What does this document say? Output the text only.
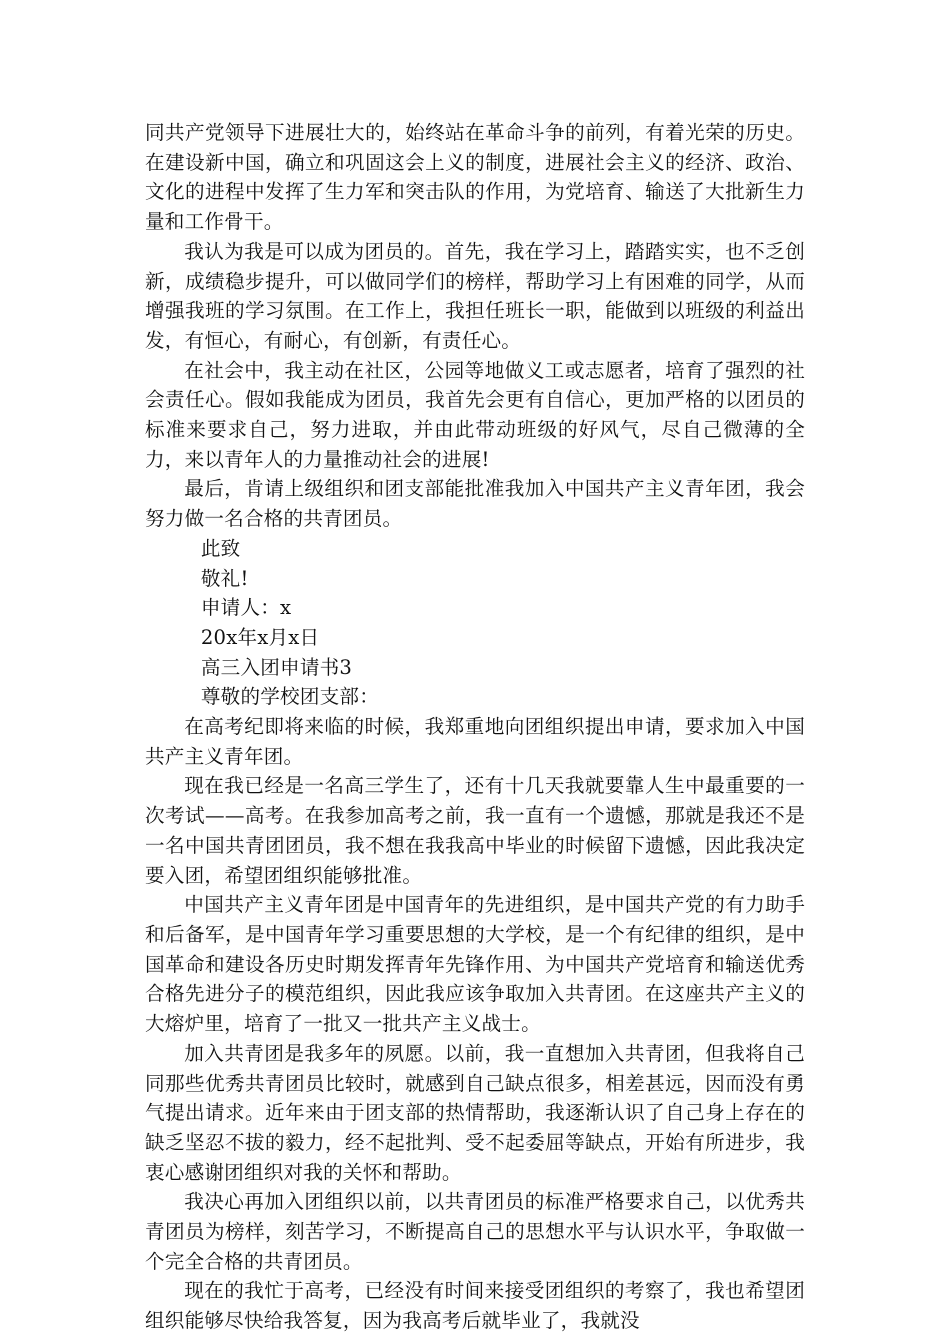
同共产党领导下进展壮大的，始终站在革命斗争的前列，有着光荣的历史。在建设新中国，确立和巩固这会上义的制度，进展社会主义的经济、政治、文化的进程中发挥了生力军和突击队的作用，为党培育、输送了大批新生力量和工作骨干。

我认为我是可以成为团员的。首先，我在学习上，踏踏实实，也不乏创新，成绩稳步提升，可以做同学们的榜样，帮助学习上有困难的同学，从而增强我班的学习氛围。在工作上，我担任班长一职，能做到以班级的利益出发，有恒心，有耐心，有创新，有责任心。

在社会中，我主动在社区，公园等地做义工或志愿者，培育了强烈的社会责任心。假如我能成为团员，我首先会更有自信心，更加严格的以团员的标准来要求自己，努力进取，并由此带动班级的好风气，尽自己微薄的全力，来以青年人的力量推动社会的进展!

最后，肯请上级组织和团支部能批准我加入中国共产主义青年团，我会努力做一名合格的共青团员。

此致

敬礼!

申请人：x

20x年x月x日

高三入团申请书3

尊敬的学校团支部：

在高考纪即将来临的时候，我郑重地向团组织提出申请，要求加入中国共产主义青年团。

现在我已经是一名高三学生了，还有十几天我就要靠人生中最重要的一次考试——高考。在我参加高考之前，我一直有一个遗憾，那就是我还不是一名中国共青团团员，我不想在我我高中毕业的时候留下遗憾，因此我决定要入团，希望团组织能够批准。

中国共产主义青年团是中国青年的先进组织，是中国共产党的有力助手和后备军，是中国青年学习重要思想的大学校，是一个有纪律的组织，是中国革命和建设各历史时期发挥青年先锋作用、为中国共产党培育和输送优秀合格先进分子的模范组织，因此我应该争取加入共青团。在这座共产主义的大熔炉里，培育了一批又一批共产主义战士。

加入共青团是我多年的夙愿。以前，我一直想加入共青团，但我将自己同那些优秀共青团员比较时，就感到自己缺点很多，相差甚远，因而没有勇气提出请求。近年来由于团支部的热情帮助，我逐渐认识了自己身上存在的缺乏坚忍不拔的毅力，经不起批判、受不起委屈等缺点，开始有所进步，我衷心感谢团组织对我的关怀和帮助。

我决心再加入团组织以前，以共青团员的标准严格要求自己，以优秀共青团员为榜样，刻苦学习，不断提高自己的思想水平与认识水平，争取做一个完全合格的共青团员。

现在的我忙于高考，已经没有时间来接受团组织的考察了，我也希望团组织能够尽快给我答复，因为我高考后就毕业了，我就没
